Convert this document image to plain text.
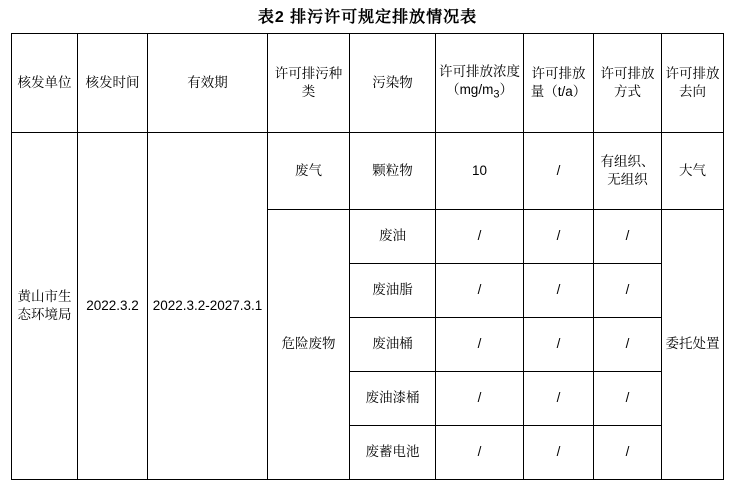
表2 排污许可规定排放情况表
核发单位	核发时间	有效期	许可排污种类	污染物	许可排放浓度$(mg/m_3)$	许可排放量（t/a）	许可排放方式	许可排放去向
黄山市生态环境局	2022.3.2	2022.3.2-2027.3.1	废气	颗粒物	10	/	有组织、无组织	大气
			危险废物	废油	/	/	/	委托处置
				废油脂	/	/	/	
				废油桶	/	/	/	
				废油漆桶	/	/	/	
				废蓄电池	/	/	/	
